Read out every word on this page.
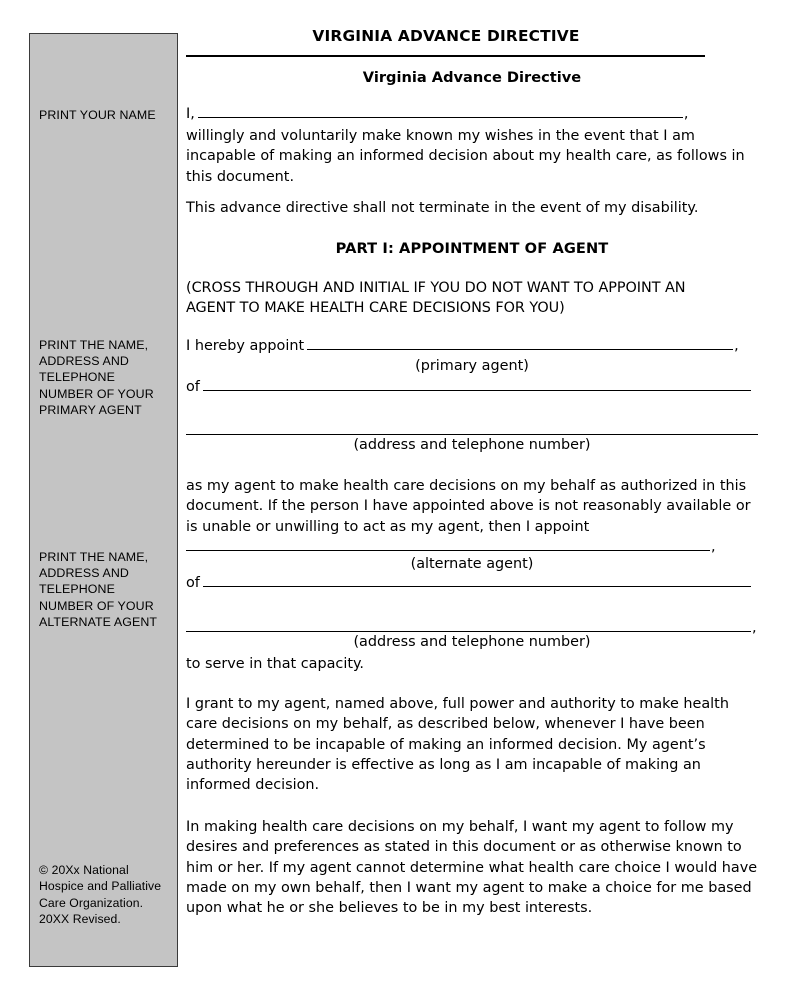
PRINT YOUR NAME
PRINT THE NAME, ADDRESS AND TELEPHONE NUMBER OF YOUR PRIMARY AGENT
PRINT THE NAME, ADDRESS AND TELEPHONE NUMBER OF YOUR ALTERNATE AGENT
© 20Xx National Hospice and Palliative Care Organization. 20XX Revised.
VIRGINIA ADVANCE DIRECTIVE
Virginia Advance Directive
I,	,
willingly and voluntarily make known my wishes in the event that I am incapable of making an informed decision about my health care, as follows in this document.
This advance directive shall not terminate in the event of my disability.
PART I: APPOINTMENT OF AGENT
(CROSS THROUGH AND INITIAL IF YOU DO NOT WANT TO APPOINT AN AGENT TO MAKE HEALTH CARE DECISIONS FOR YOU)
I hereby appoint	,
(primary agent)
of
(address and telephone number)
as my agent to make health care decisions on my behalf as authorized in this document. If the person I have appointed above is not reasonably available or is unable or unwilling to act as my agent, then I appoint
,
(alternate agent)
of
,
(address and telephone number)
to serve in that capacity.
I grant to my agent, named above, full power and authority to make health care decisions on my behalf, as described below, whenever I have been determined to be incapable of making an informed decision. My agent’s authority hereunder is effective as long as I am incapable of making an informed decision.
In making health care decisions on my behalf, I want my agent to follow my desires and preferences as stated in this document or as otherwise known to him or her. If my agent cannot determine what health care choice I would have made on my own behalf, then I want my agent to make a choice for me based upon what he or she believes to be in my best interests.
